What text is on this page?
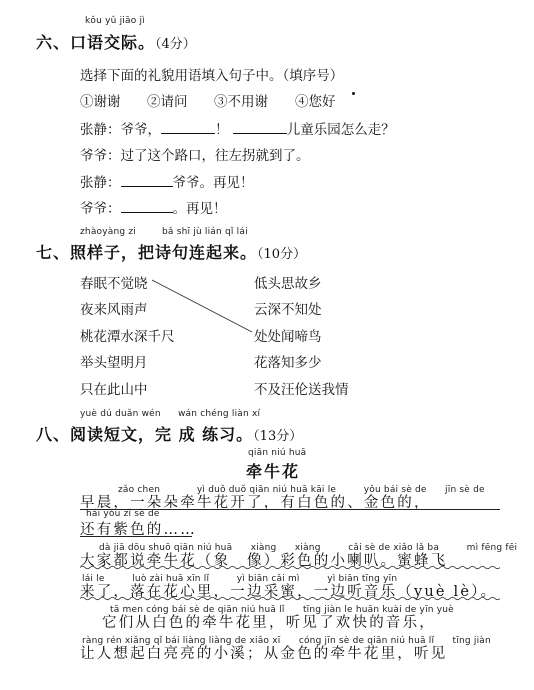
kǒu yǔ jiāo jì
六、口语交际。（4分）
选择下面的礼貌用语填入句子中。（填序号）
①谢谢 ②请问 ③不用谢 ④您好
张静：爷爷，	！	儿童乐园怎么走？
爷爷：过了这个路口，往左拐就到了。
张静：	爷爷。再见！
爷爷：	。再见！
zhàoyàng zi	bǎ shī jù lián qǐ lái
七、照样子，把诗句连起来。（10分）
春眠不觉晓
夜来风雨声
桃花潭水深千尺
举头望明月
只在此山中
低头思故乡
云深不知处
处处闻啼鸟
花落知多少
不及汪伦送我情
yuè dú duǎn wén wán chéng liàn xí
八、阅读短文，完 成 练习。（13分）
qiān niú huā
牵牛花
zǎo chen　　　　yì duǒ duǒ qiān niú huā kāi le　　　yǒu bái sè de　　jīn sè de
早晨，一朵朵牵牛花开了，有白色的、金色的，
hái yǒu zǐ sè de
还有紫色的……
dà jiā dōu shuō qiān niú huā　　xiàng　　xiàng　　　cǎi sè de xiǎo lǎ ba　　　mì fēng fēi
大家都说牵牛花（象　像）彩色的小喇叭。蜜蜂飞
lái le　　　luò zài huā xīn lǐ　　　yì biān cǎi mì　　　yì biān tīng yīn
来了，落在花心里，一边采蜜，一边听音乐（yuè lè）。
tā men cóng bái sè de qiān niú huā lǐ　　tīng jiàn le huān kuài de yīn yuè
它们从白色的牵牛花里，听见了欢快的音乐，
ràng rén xiǎng qǐ bái liàng liàng de xiǎo xī　　cóng jīn sè de qiān niú huā lǐ　　tīng jiàn
让人想起白亮亮的小溪；从金色的牵牛花里，听见
